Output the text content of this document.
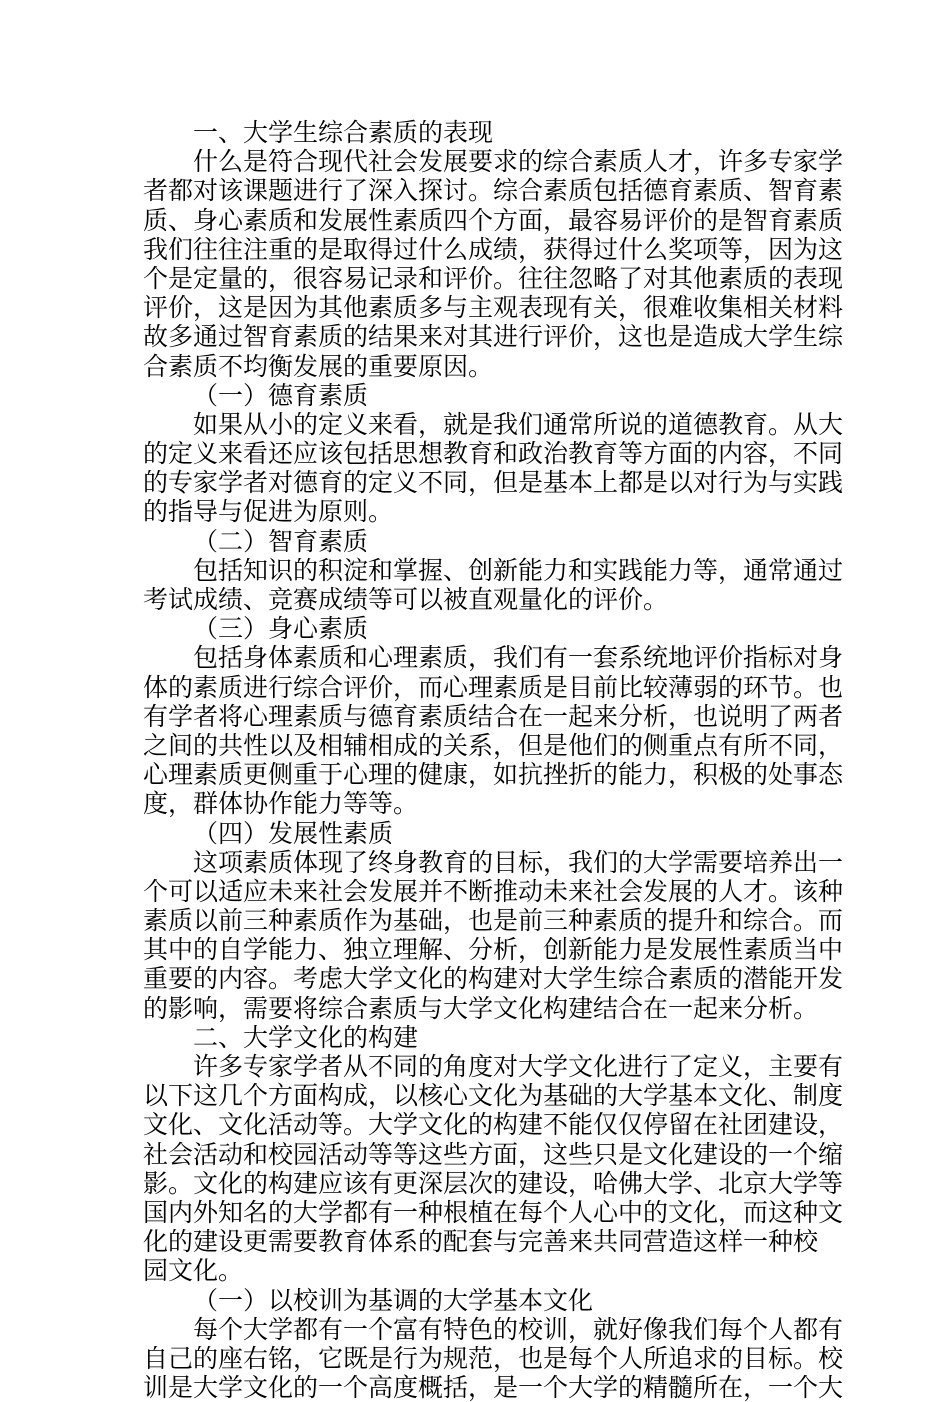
一、大学生综合素质的表现
什么是符合现代社会发展要求的综合素质人才，许多专家学
者都对该课题进行了深入探讨。综合素质包括德育素质、智育素
质、身心素质和发展性素质四个方面，最容易评价的是智育素质
我们往往注重的是取得过什么成绩，获得过什么奖项等，因为这
个是定量的，很容易记录和评价。往往忽略了对其他素质的表现
评价，这是因为其他素质多与主观表现有关，很难收集相关材料
故多通过智育素质的结果来对其进行评价，这也是造成大学生综
合素质不均衡发展的重要原因。
（一）德育素质
如果从小的定义来看，就是我们通常所说的道德教育。从大
的定义来看还应该包括思想教育和政治教育等方面的内容，不同
的专家学者对德育的定义不同，但是基本上都是以对行为与实践
的指导与促进为原则。
（二）智育素质
包括知识的积淀和掌握、创新能力和实践能力等，通常通过
考试成绩、竞赛成绩等可以被直观量化的评价。
（三）身心素质
包括身体素质和心理素质，我们有一套系统地评价指标对身
体的素质进行综合评价，而心理素质是目前比较薄弱的环节。也
有学者将心理素质与德育素质结合在一起来分析，也说明了两者
之间的共性以及相辅相成的关系，但是他们的侧重点有所不同，
心理素质更侧重于心理的健康，如抗挫折的能力，积极的处事态
度，群体协作能力等等。
（四）发展性素质
这项素质体现了终身教育的目标，我们的大学需要培养出一
个可以适应未来社会发展并不断推动未来社会发展的人才。该种
素质以前三种素质作为基础，也是前三种素质的提升和综合。而
其中的自学能力、独立理解、分析，创新能力是发展性素质当中
重要的内容。考虑大学文化的构建对大学生综合素质的潜能开发
的影响，需要将综合素质与大学文化构建结合在一起来分析。
二、大学文化的构建
许多专家学者从不同的角度对大学文化进行了定义，主要有
以下这几个方面构成，以核心文化为基础的大学基本文化、制度
文化、文化活动等。大学文化的构建不能仅仅停留在社团建设，
社会活动和校园活动等等这些方面，这些只是文化建设的一个缩
影。文化的构建应该有更深层次的建设，哈佛大学、北京大学等
国内外知名的大学都有一种根植在每个人心中的文化，而这种文
化的建设更需要教育体系的配套与完善来共同营造这样一种校
园文化。
（一）以校训为基调的大学基本文化
每个大学都有一个富有特色的校训，就好像我们每个人都有
自己的座右铭，它既是行为规范，也是每个人所追求的目标。校
训是大学文化的一个高度概括，是一个大学的精髓所在，一个大
